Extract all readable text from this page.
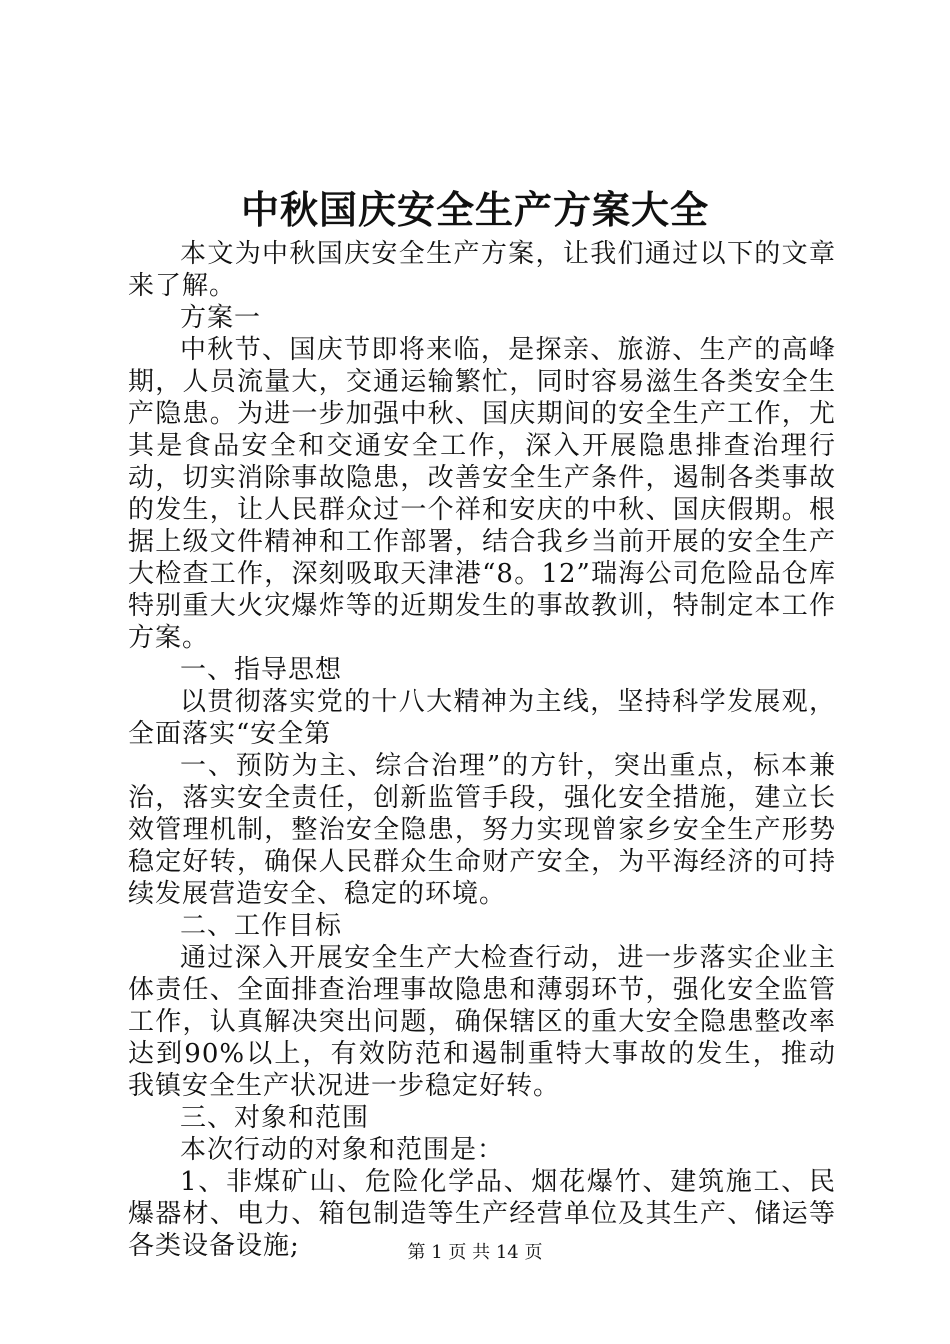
中秋国庆安全生产方案大全

本文为中秋国庆安全生产方案，让我们通过以下的文章来了解。

方案一

中秋节、国庆节即将来临，是探亲、旅游、生产的高峰期，人员流量大，交通运输繁忙，同时容易滋生各类安全生产隐患。为进一步加强中秋、国庆期间的安全生产工作，尤其是食品安全和交通安全工作，深入开展隐患排查治理行动，切实消除事故隐患，改善安全生产条件，遏制各类事故的发生，让人民群众过一个祥和安庆的中秋、国庆假期。根据上级文件精神和工作部署，结合我乡当前开展的安全生产大检查工作，深刻吸取天津港“8。12”瑞海公司危险品仓库特别重大火灾爆炸等的近期发生的事故教训，特制定本工作方案。

一、指导思想

以贯彻落实党的十八大精神为主线，坚持科学发展观，全面落实“安全第

一、预防为主、综合治理”的方针，突出重点，标本兼治，落实安全责任，创新监管手段，强化安全措施，建立长效管理机制，整治安全隐患，努力实现曾家乡安全生产形势稳定好转，确保人民群众生命财产安全，为平海经济的可持续发展营造安全、稳定的环境。

二、工作目标

通过深入开展安全生产大检查行动，进一步落实企业主体责任、全面排查治理事故隐患和薄弱环节，强化安全监管工作，认真解决突出问题，确保辖区的重大安全隐患整改率达到90%以上，有效防范和遏制重特大事故的发生，推动我镇安全生产状况进一步稳定好转。

三、对象和范围

本次行动的对象和范围是：

1、非煤矿山、危险化学品、烟花爆竹、建筑施工、民爆器材、电力、箱包制造等生产经营单位及其生产、储运等各类设备设施;	第 1 页 共 14 页
